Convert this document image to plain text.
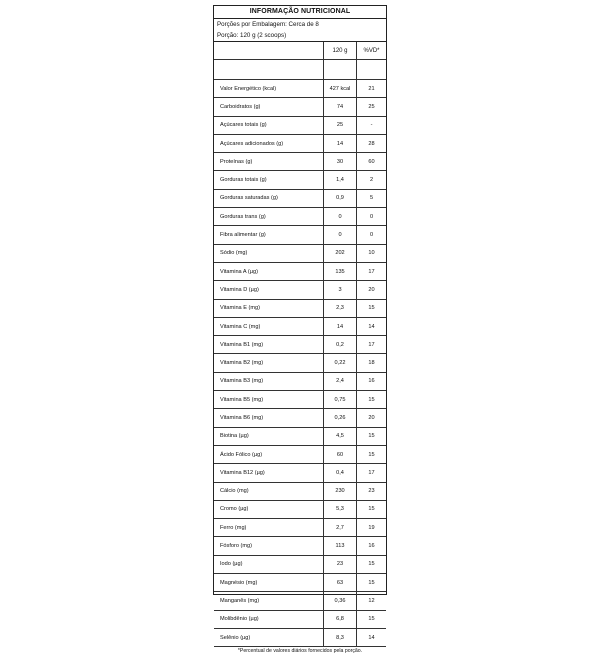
INFORMAÇÃO NUTRICIONAL
Porções por Embalagem: Cerca de 8
Porção: 120 g (2 scoops)
	120 g	%VD*

Valor Energético (kcal)	427 kcal	21
Carboidratos (g)	74	25
Açúcares totais (g)	25	-
Açúcares adicionados (g)	14	28
Proteínas (g)	30	60
Gorduras totais (g)	1,4	2
Gorduras saturadas (g)	0,9	5
Gorduras trans (g)	0	0
Fibra alimentar (g)	0	0
Sódio (mg)	202	10
Vitamina A (µg)	135	17
Vitamina D (µg)	3	20
Vitamina E (mg)	2,3	15
Vitamina C (mg)	14	14
Vitamina B1 (mg)	0,2	17
Vitamina B2 (mg)	0,22	18
Vitamina B3 (mg)	2,4	16
Vitamina B5 (mg)	0,75	15
Vitamina B6 (mg)	0,26	20
Biotina (µg)	4,5	15
Ácido Fólico (µg)	60	15
Vitamina B12 (µg)	0,4	17
Cálcio (mg)	230	23
Cromo (µg)	5,3	15
Ferro (mg)	2,7	19
Fósforo (mg)	113	16
Iodo (µg)	23	15
Magnésio (mg)	63	15
Manganês (mg)	0,36	12
Molibdênio (µg)	6,8	15
Selênio (µg)	8,3	14
*Percentual de valores diários fornecidos pela porção.
